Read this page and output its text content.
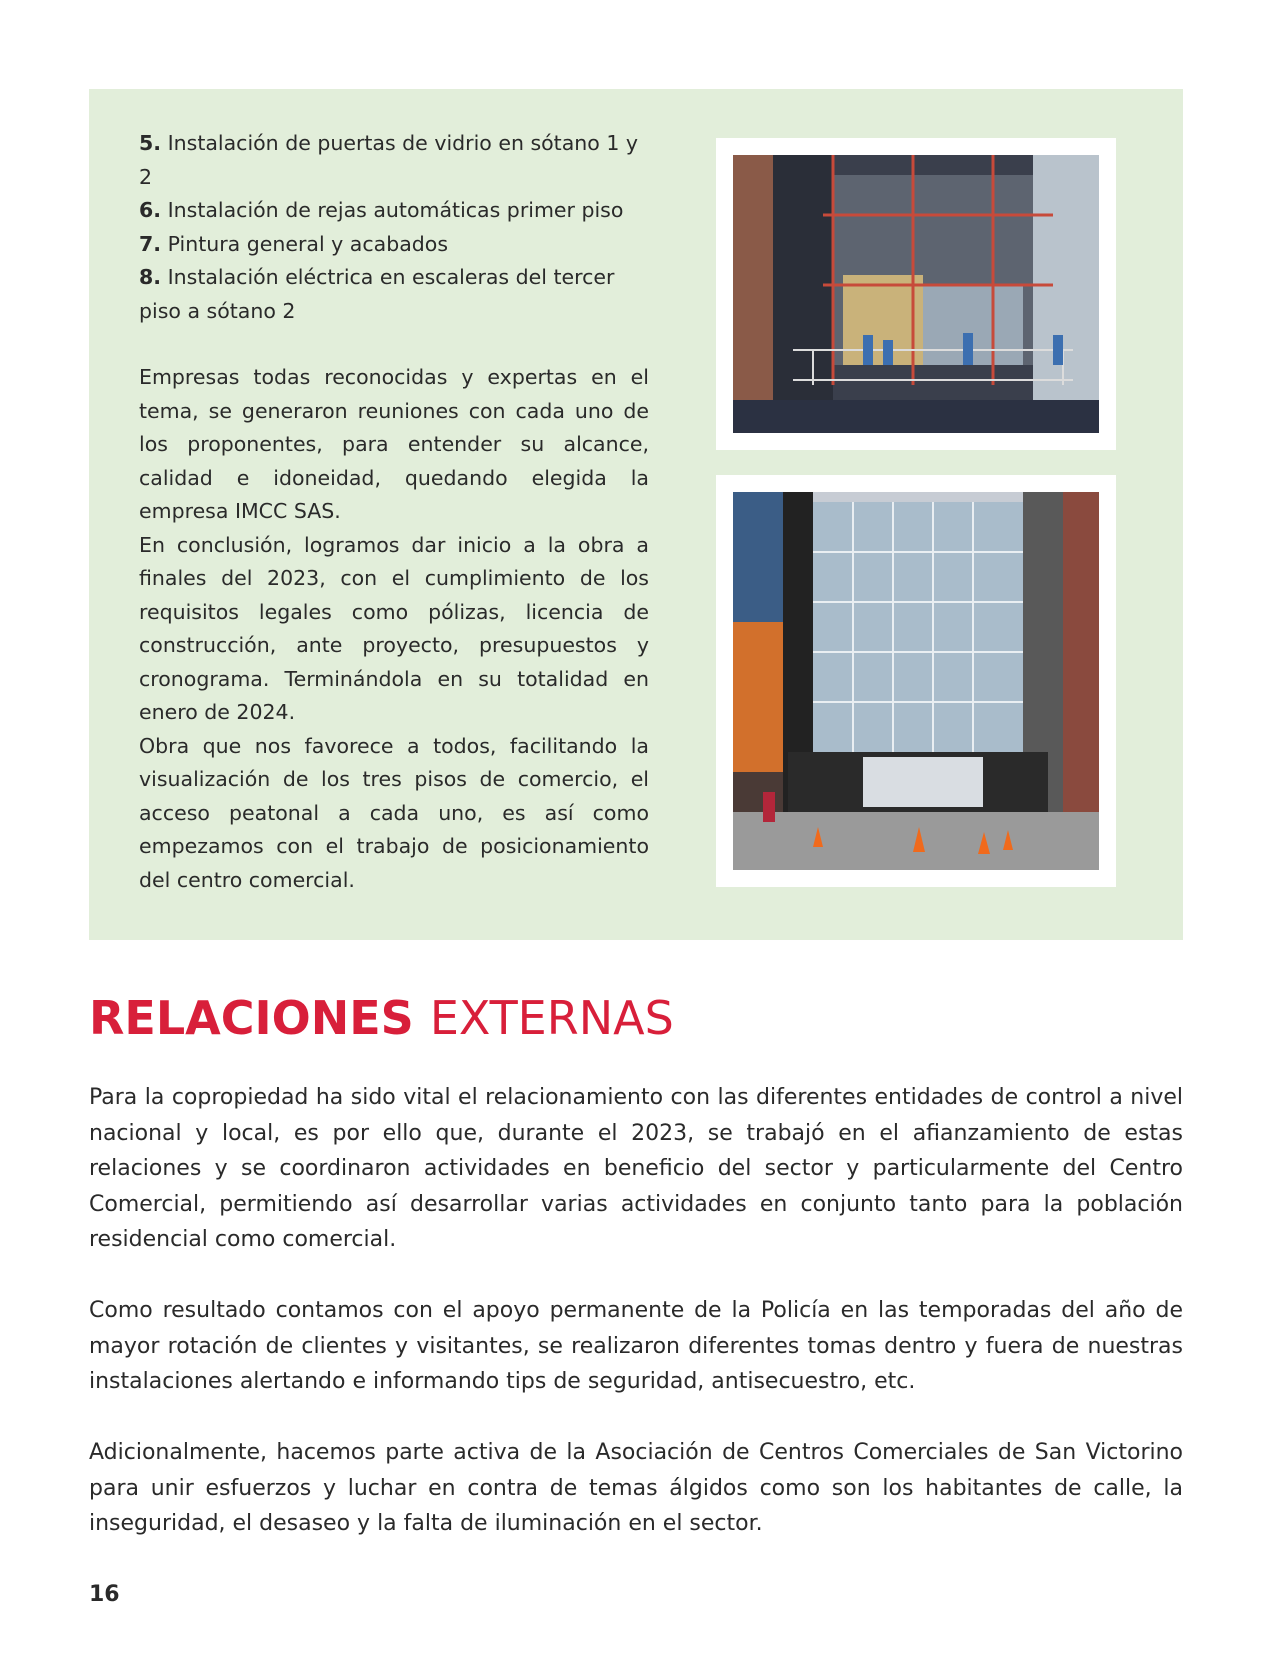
5. Instalación de puertas de vidrio en sótano 1 y 2

6. Instalación de rejas automáticas primer piso

7. Pintura general y acabados

8. Instalación eléctrica en escaleras del tercer piso a sótano 2

Empresas todas reconocidas y expertas en el tema, se generaron reuniones con cada uno de los proponentes, para entender su alcance, calidad e idoneidad, quedando elegida la empresa IMCC SAS.

En conclusión, logramos dar inicio a la obra a finales del 2023, con el cumplimiento de los requisitos legales como pólizas, licencia de construcción, ante proyecto, presupuestos y cronograma. Terminándola en su totalidad en enero de 2024.

Obra que nos favorece a todos, facilitando la visualización de los tres pisos de comercio, el acceso peatonal a cada uno, es así como empezamos con el trabajo de posicionamiento del centro comercial.

RELACIONES EXTERNAS

Para la copropiedad ha sido vital el relacionamiento con las diferentes entidades de control a nivel nacional y local, es por ello que, durante el 2023, se trabajó en el afianzamiento de estas relaciones y se coordinaron actividades en beneficio del sector y particularmente del Centro Comercial, permitiendo así desarrollar varias actividades en conjunto tanto para la población residencial como comercial.

Como resultado contamos con el apoyo permanente de la Policía en las temporadas del año de mayor rotación de clientes y visitantes, se realizaron diferentes tomas dentro y fuera de nuestras instalaciones alertando e informando tips de seguridad, antisecuestro, etc.

Adicionalmente, hacemos parte activa de la Asociación de Centros Comerciales de San Victorino para unir esfuerzos y luchar en contra de temas álgidos como son los habitantes de calle, la inseguridad, el desaseo y la falta de iluminación en el sector.

16
